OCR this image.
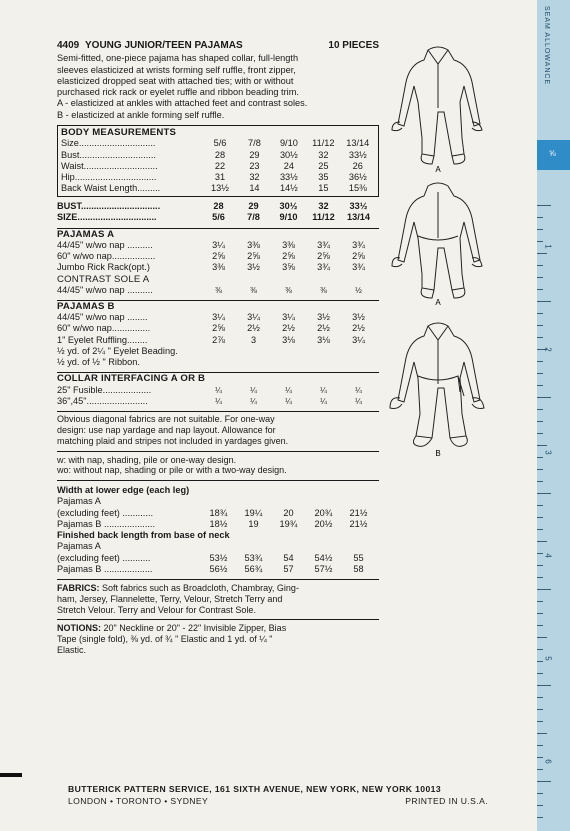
4409 YOUNG JUNIOR/TEEN PAJAMAS	10 PIECES
Semi-fitted, one-piece pajama has shaped collar, full-length
sleeves elasticized at wrists forming self ruffle, front zipper,
elasticized dropped seat with attached ties; with or without
purchased rick rack or eyelet ruffle and ribbon beading trim.
A - elasticized at ankles with attached feet and contrast soles.
B - elasticized at ankle forming self ruffle.
BODY MEASUREMENTS
Size..............................	5/6	7/8	9/10	11/12	13/14
Bust..............................	28	29	30½	32	33½
Waist.............................	22	23	24	25	26
Hip................................	31	32	33½	35	36½
Back Waist Length.........	13½	14	14½	15	15⅜
BUST...............................	28	29	30½	32	33½
SIZE...............................	5/6	7/8	9/10	11/12	13/14
PAJAMAS A
44/45" w/wo nap ..........	3¼	3⅜	3⅜	3¾	3¾
60" w/wo nap.................	2⅝	2⅝	2⅝	2⅝	2⅝
Jumbo Rick Rack(opt.)	3⅜	3½	3⅝	3¾	3¾
CONTRAST SOLE A
44/45" w/wo nap ..........	⅜	⅜	⅜	⅜	½
PAJAMAS B
44/45" w/wo nap ........	3¼	3¼	3¼	3½	3½
60" w/wo nap...............	2⅝	2½	2½	2½	2½
1" Eyelet Ruffling........	2⅞	3	3⅛	3⅛	3¼
½ yd. of 2¼ " Eyelet Beading.
½ yd. of ½ " Ribbon.
COLLAR INTERFACING A OR B
25" Fusible...................	¼	¼	¼	¼	¼
36",45"........................	¼	¼	¼	¼	¼
Obvious diagonal fabrics are not suitable. For one-way
design: use nap yardage and nap layout. Allowance for
matching plaid and stripes not included in yardages given.
w: with nap, shading, pile or one-way design.
wo: without nap, shading or pile or with a two-way design.
Width at lower edge (each leg)
Pajamas A
(excluding feet) ............	18¾	19¼	20	20¾	21½
Pajamas B ....................	18½	19	19¾	20½	21½
Finished back length from base of neck
Pajamas A
(excluding feet) ...........	53½	53¾	54	54½	55
Pajamas B ...................	56½	56¾	57	57½	58
FABRICS: Soft fabrics such as Broadcloth, Chambray, Ging-
ham, Jersey, Flannelette, Terry, Velour, Stretch Terry and
Stretch Velour. Terry and Velour for Contrast Sole.
NOTIONS: 20" Neckline or 20" - 22" Invisible Zipper, Bias
Tape (single fold), ⅜ yd. of ¾ " Elastic and 1 yd. of ¼ "
Elastic.
A
A
B
SEAM ALLOWANCE
⅝
1
2
3
4
5
6
BUTTERICK PATTERN SERVICE, 161 SIXTH AVENUE, NEW YORK, NEW YORK 10013
LONDON • TORONTO • SYDNEY	PRINTED IN U.S.A.
